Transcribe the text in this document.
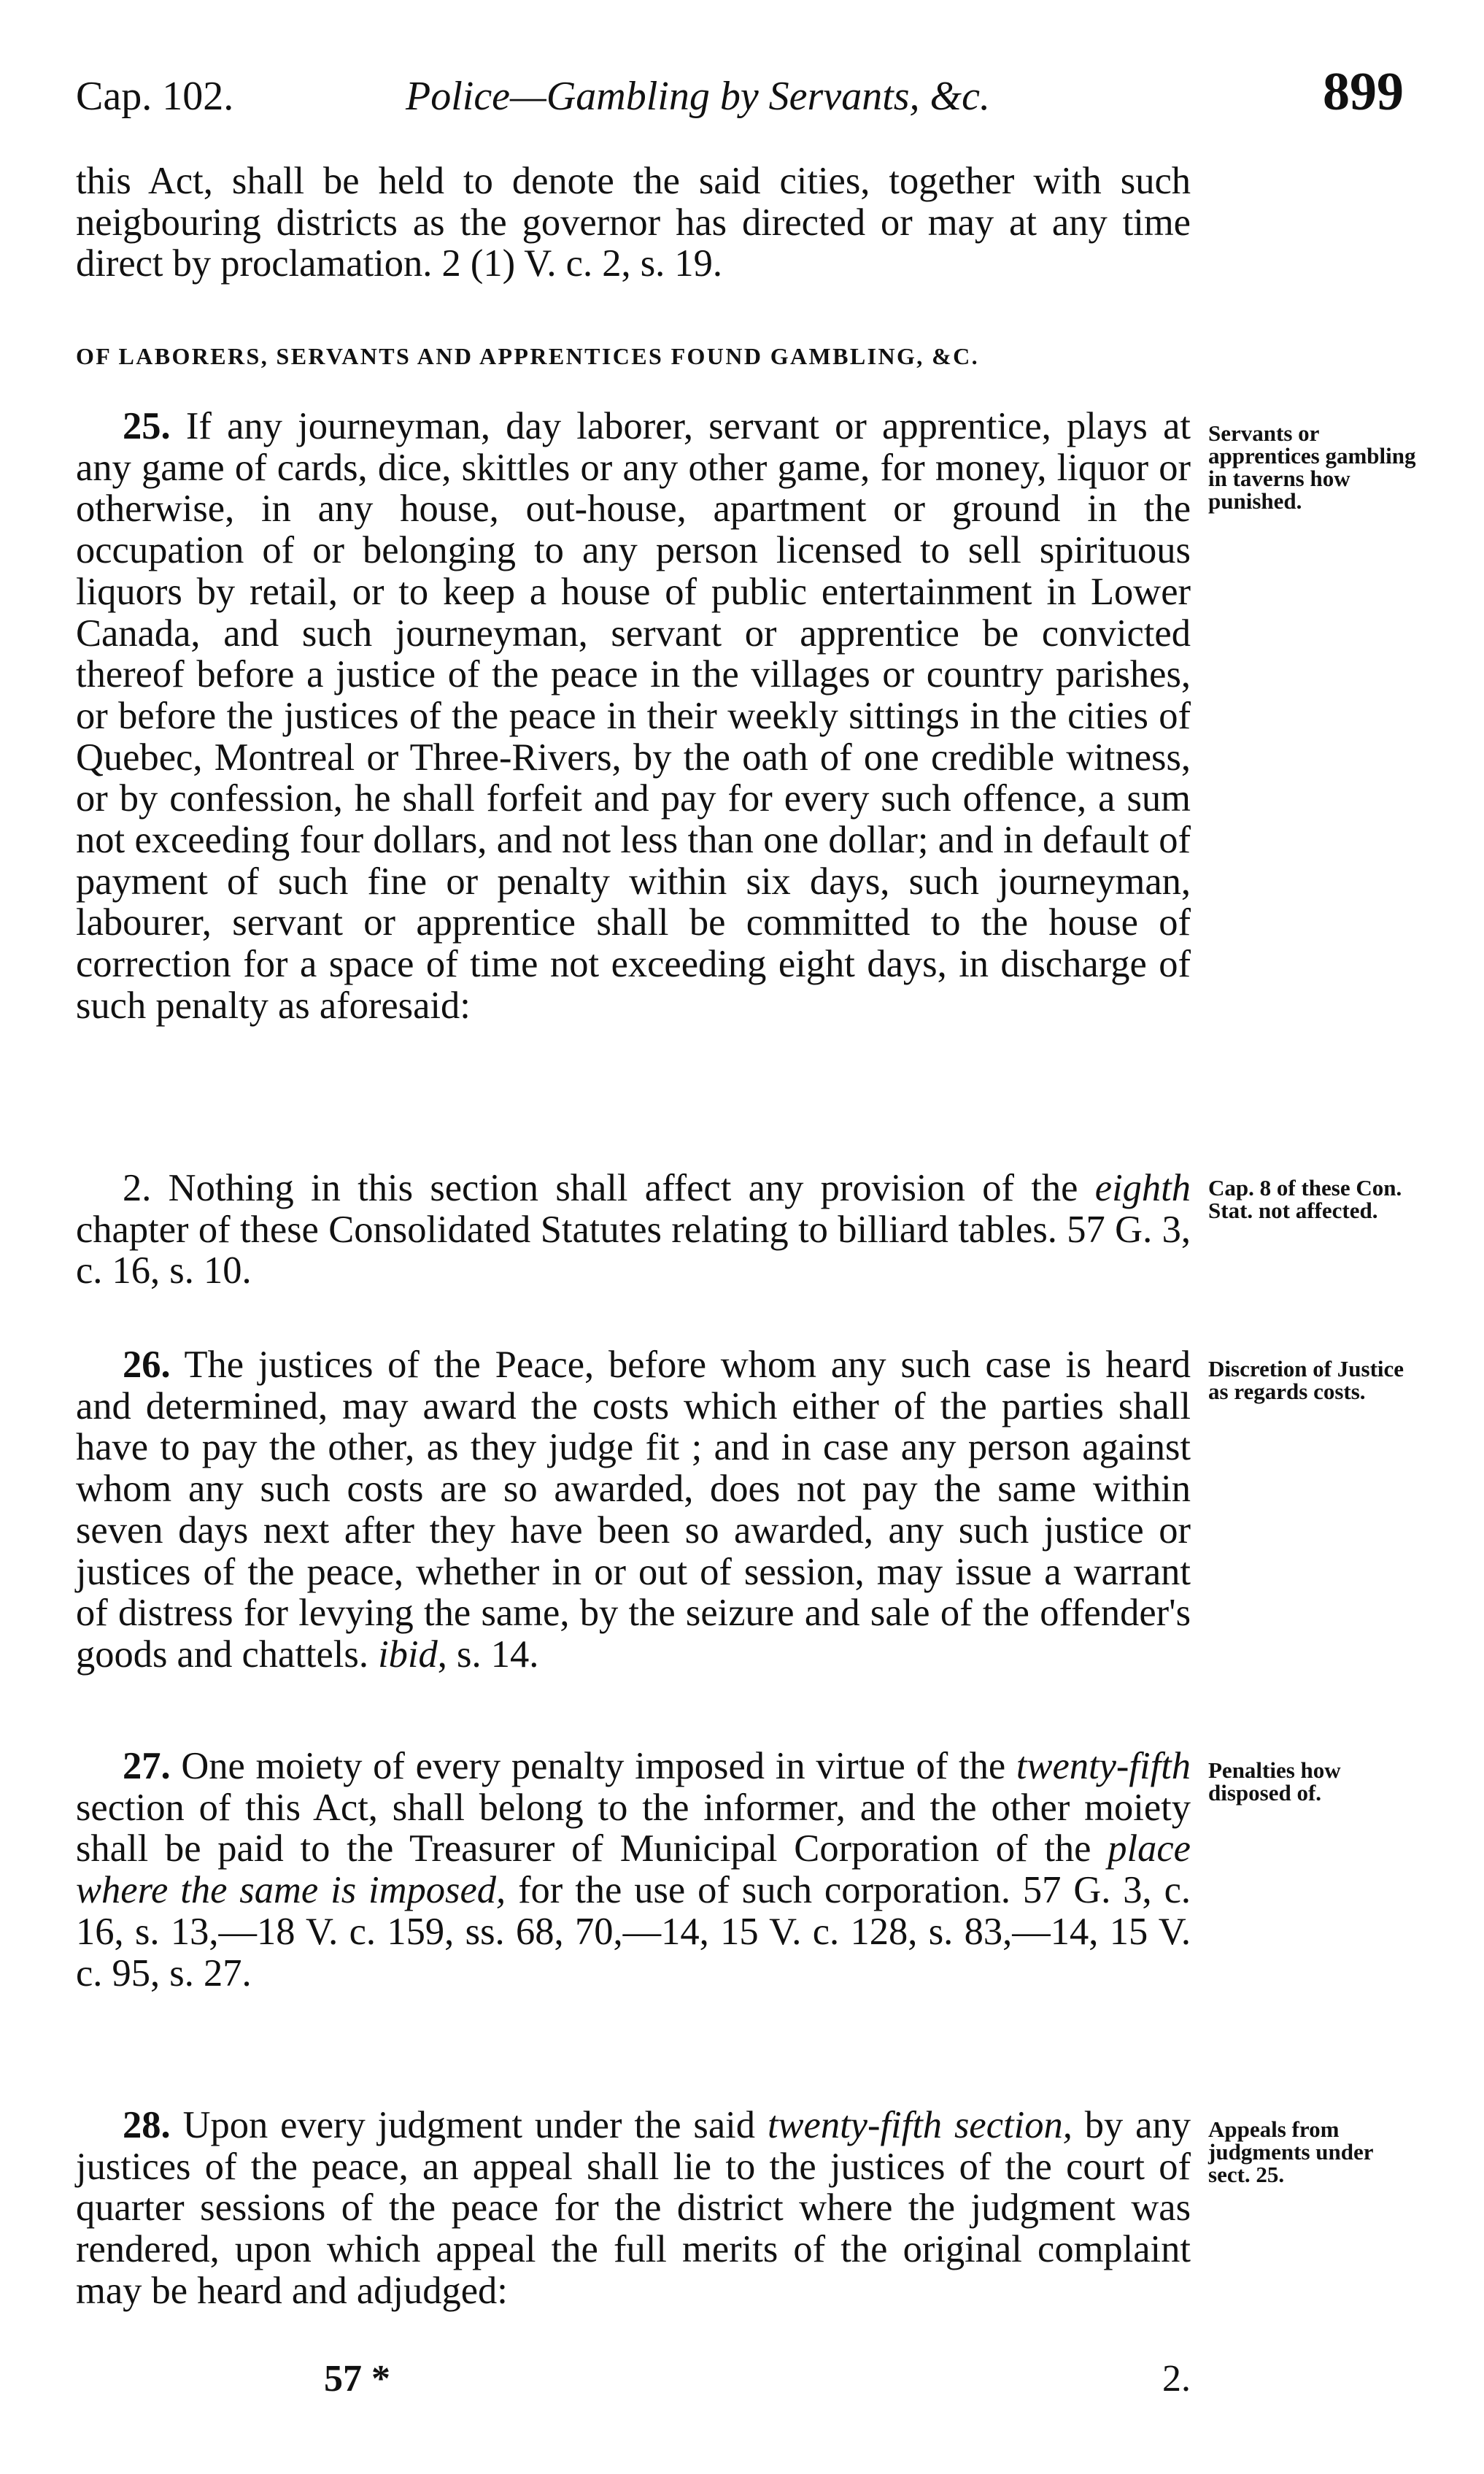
Cap. 102.	Police—Gambling by Servants, &c.	899
this Act, shall be held to denote the said cities, together with such neigbouring districts as the governor has directed or may at any time direct by proclamation. 2 (1) V. c. 2, s. 19.
OF LABORERS, SERVANTS AND APPRENTICES FOUND GAMBLING, &C.
25. If any journeyman, day laborer, servant or apprentice, plays at any game of cards, dice, skittles or any other game, for money, liquor or otherwise, in any house, out-house, apartment or ground in the occupation of or belonging to any person licensed to sell spirituous liquors by retail, or to keep a house of public entertainment in Lower Canada, and such journeyman, servant or apprentice be convicted thereof before a justice of the peace in the villages or country parishes, or before the justices of the peace in their weekly sittings in the cities of Quebec, Montreal or Three-Rivers, by the oath of one credible witness, or by confession, he shall forfeit and pay for every such offence, a sum not exceeding four dollars, and not less than one dollar; and in default of payment of such fine or penalty within six days, such journeyman, labourer, servant or apprentice shall be committed to the house of correction for a space of time not exceeding eight days, in discharge of such penalty as aforesaid:
Servants or apprentices gambling in taverns how punished.
2. Nothing in this section shall affect any provision of the eighth chapter of these Consolidated Statutes relating to billiard tables. 57 G. 3, c. 16, s. 10.
Cap. 8 of these Con. Stat. not affected.
26. The justices of the Peace, before whom any such case is heard and determined, may award the costs which either of the parties shall have to pay the other, as they judge fit ; and in case any person against whom any such costs are so awarded, does not pay the same within seven days next after they have been so awarded, any such justice or justices of the peace, whether in or out of session, may issue a warrant of distress for levying the same, by the seizure and sale of the offender's goods and chattels. ibid, s. 14.
Discretion of Justice as regards costs.
27. One moiety of every penalty imposed in virtue of the twenty-fifth section of this Act, shall belong to the informer, and the other moiety shall be paid to the Treasurer of Municipal Corporation of the place where the same is imposed, for the use of such corporation. 57 G. 3, c. 16, s. 13,—18 V. c. 159, ss. 68, 70,—14, 15 V. c. 128, s. 83,—14, 15 V. c. 95, s. 27.
Penalties how disposed of.
28. Upon every judgment under the said twenty-fifth section, by any justices of the peace, an appeal shall lie to the justices of the court of quarter sessions of the peace for the district where the judgment was rendered, upon which appeal the full merits of the original complaint may be heard and adjudged:
Appeals from judgments under sect. 25.
57 *	2.
